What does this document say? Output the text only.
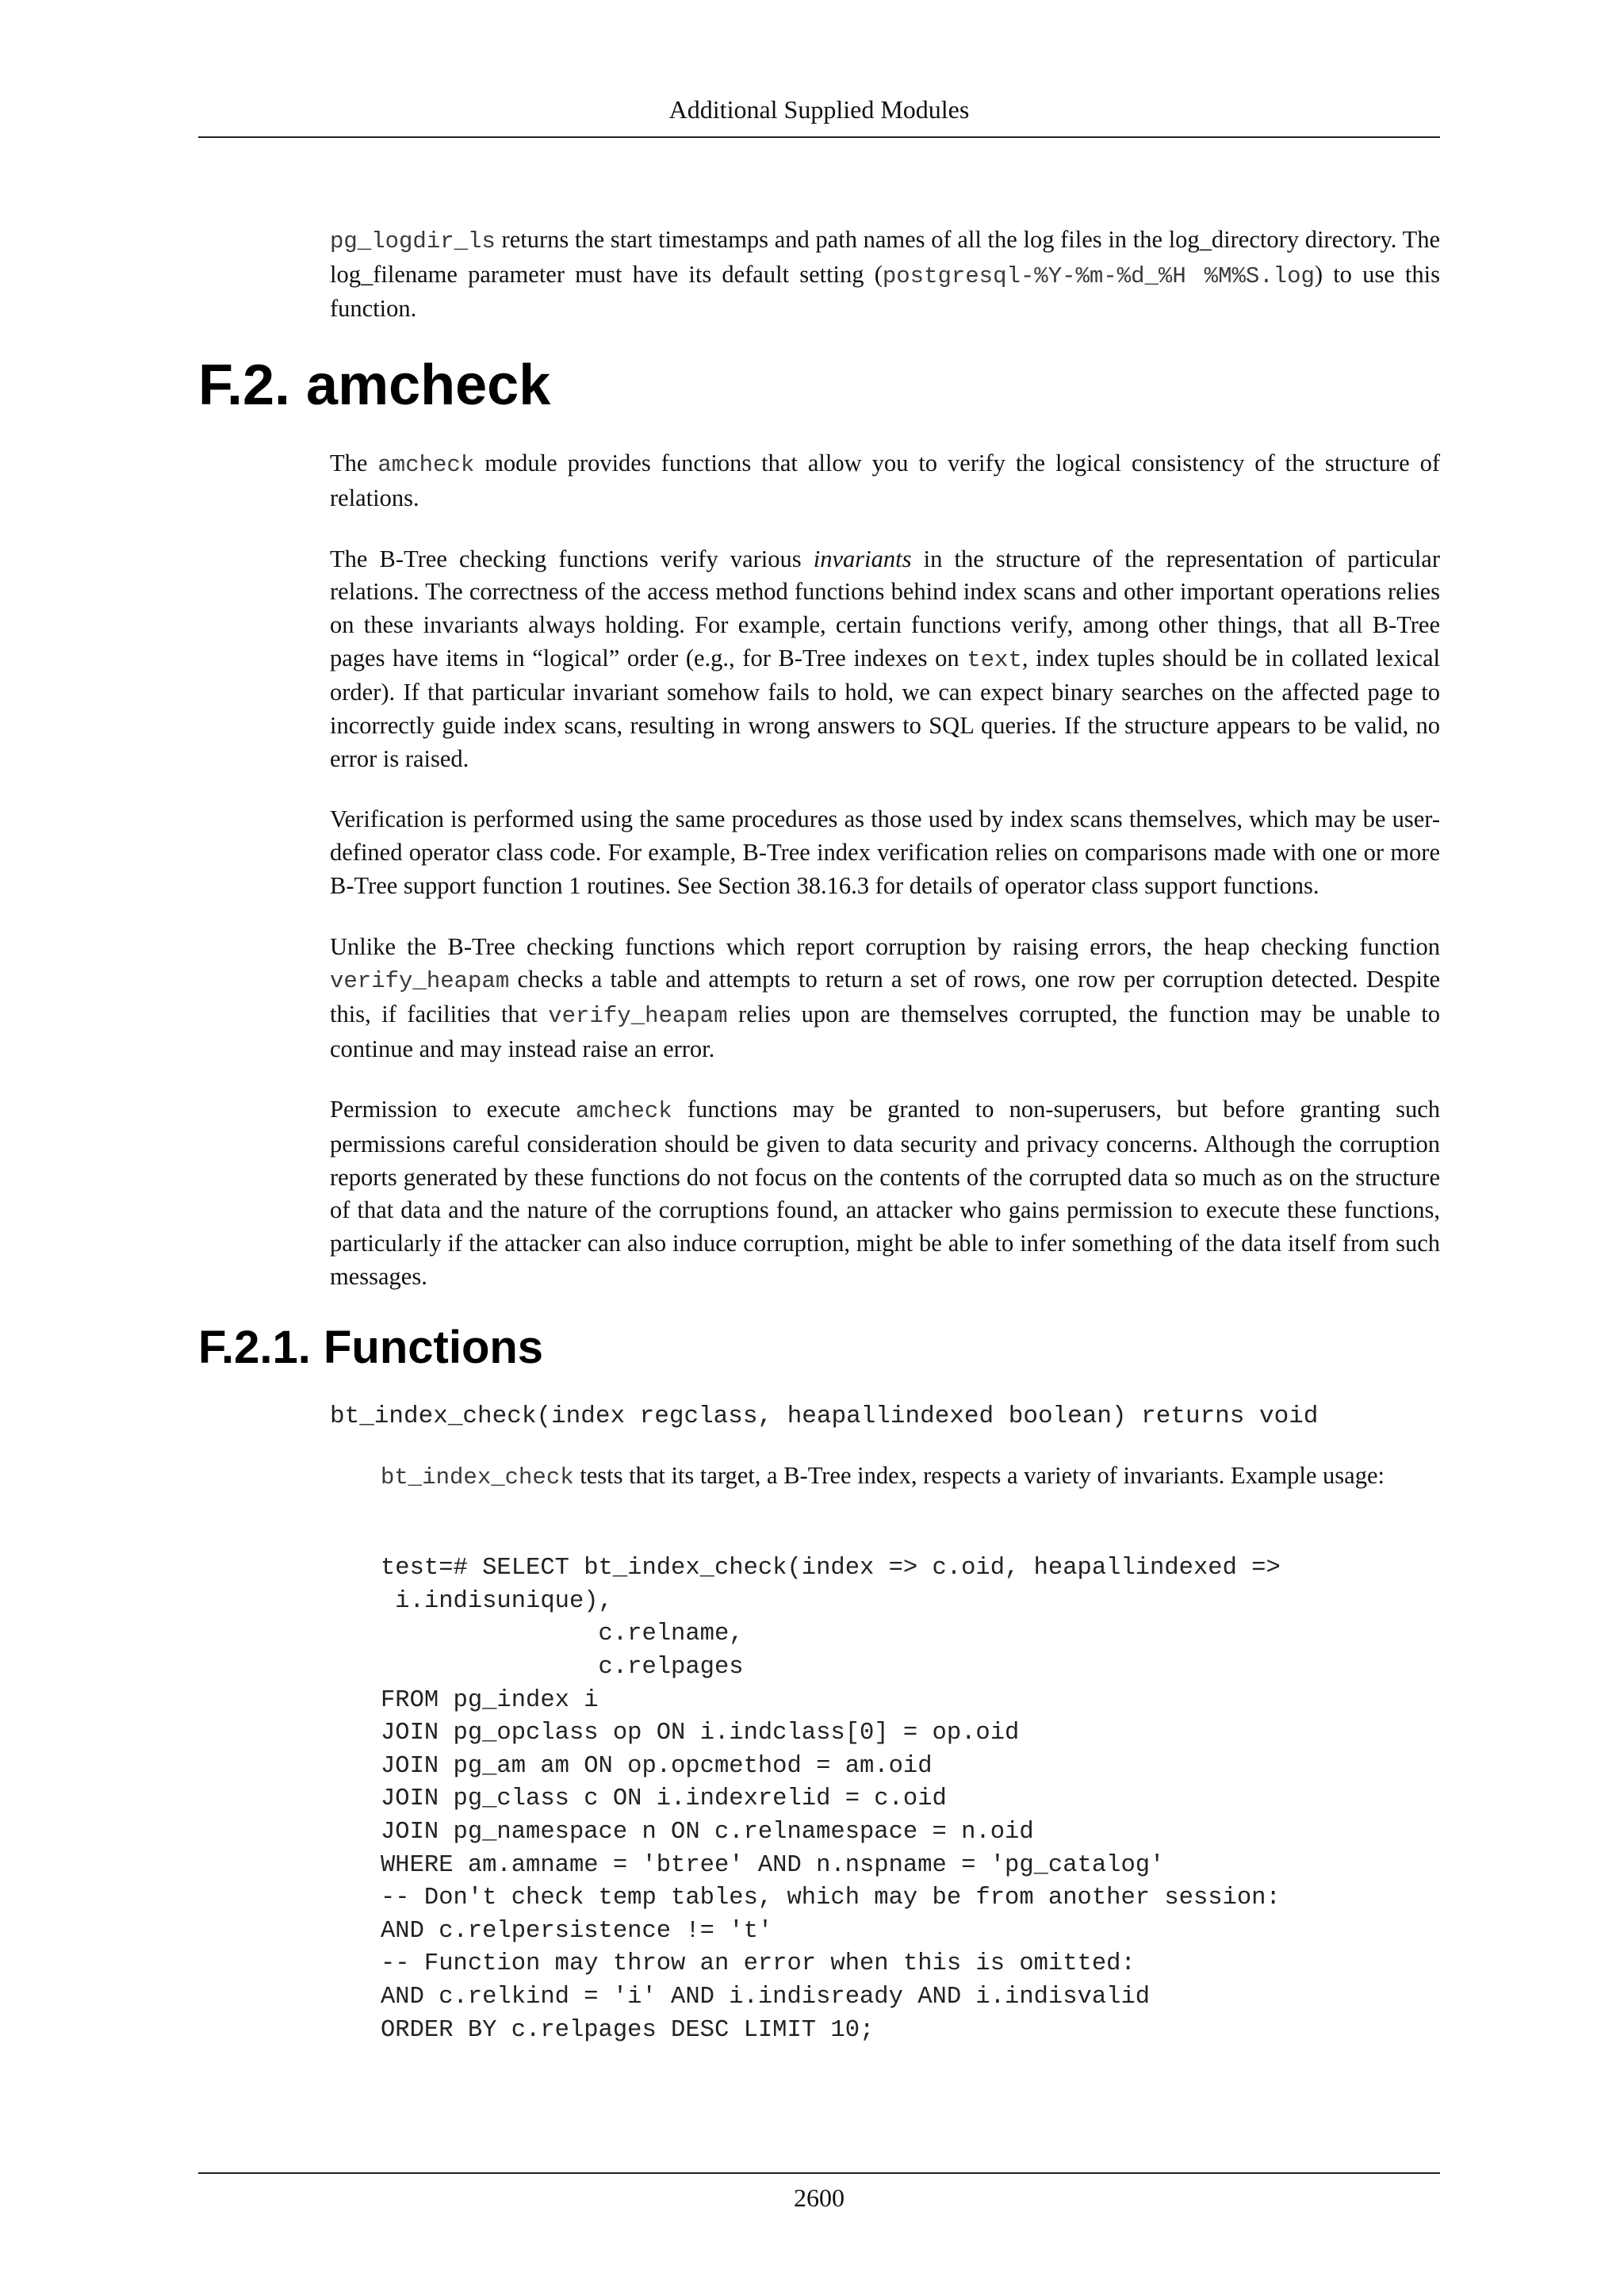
Additional Supplied Modules

pg_logdir_ls returns the start timestamps and path names of all the log files in the log_directory directory. The log_filename parameter must have its default setting (postgresql-%Y-%m-%d_%H %M%S.log) to use this function.

F.2. amcheck

The amcheck module provides functions that allow you to verify the logical consistency of the structure of relations.

The B-Tree checking functions verify various invariants in the structure of the representation of particular relations. The correctness of the access method functions behind index scans and other important operations relies on these invariants always holding. For example, certain functions verify, among other things, that all B-Tree pages have items in “logical” order (e.g., for B-Tree indexes on text, index tuples should be in collated lexical order). If that particular invariant somehow fails to hold, we can expect binary searches on the affected page to incorrectly guide index scans, resulting in wrong answers to SQL queries. If the structure appears to be valid, no error is raised.

Verification is performed using the same procedures as those used by index scans themselves, which may be user-defined operator class code. For example, B-Tree index verification relies on comparisons made with one or more B-Tree support function 1 routines. See Section 38.16.3 for details of operator class support functions.

Unlike the B-Tree checking functions which report corruption by raising errors, the heap checking function verify_heapam checks a table and attempts to return a set of rows, one row per corruption detected. Despite this, if facilities that verify_heapam relies upon are themselves corrupted, the function may be unable to continue and may instead raise an error.

Permission to execute amcheck functions may be granted to non-superusers, but before granting such permissions careful consideration should be given to data security and privacy concerns. Although the corruption reports generated by these functions do not focus on the contents of the corrupted data so much as on the structure of that data and the nature of the corruptions found, an attacker who gains permission to execute these functions, particularly if the attacker can also induce corruption, might be able to infer something of the data itself from such messages.

F.2.1. Functions
bt_index_check(index regclass, heapallindexed boolean) returns void
bt_index_check tests that its target, a B-Tree index, respects a variety of invariants. Example usage:
test=# SELECT bt_index_check(index => c.oid, heapallindexed =>
i.indisunique),
c.relname,
c.relpages
FROM pg_index i
JOIN pg_opclass op ON i.indclass[0] = op.oid
JOIN pg_am am ON op.opcmethod = am.oid
JOIN pg_class c ON i.indexrelid = c.oid
JOIN pg_namespace n ON c.relnamespace = n.oid
WHERE am.amname = 'btree' AND n.nspname = 'pg_catalog'
-- Don't check temp tables, which may be from another session:
AND c.relpersistence != 't'
-- Function may throw an error when this is omitted:
AND c.relkind = 'i' AND i.indisready AND i.indisvalid
ORDER BY c.relpages DESC LIMIT 10;
2600
